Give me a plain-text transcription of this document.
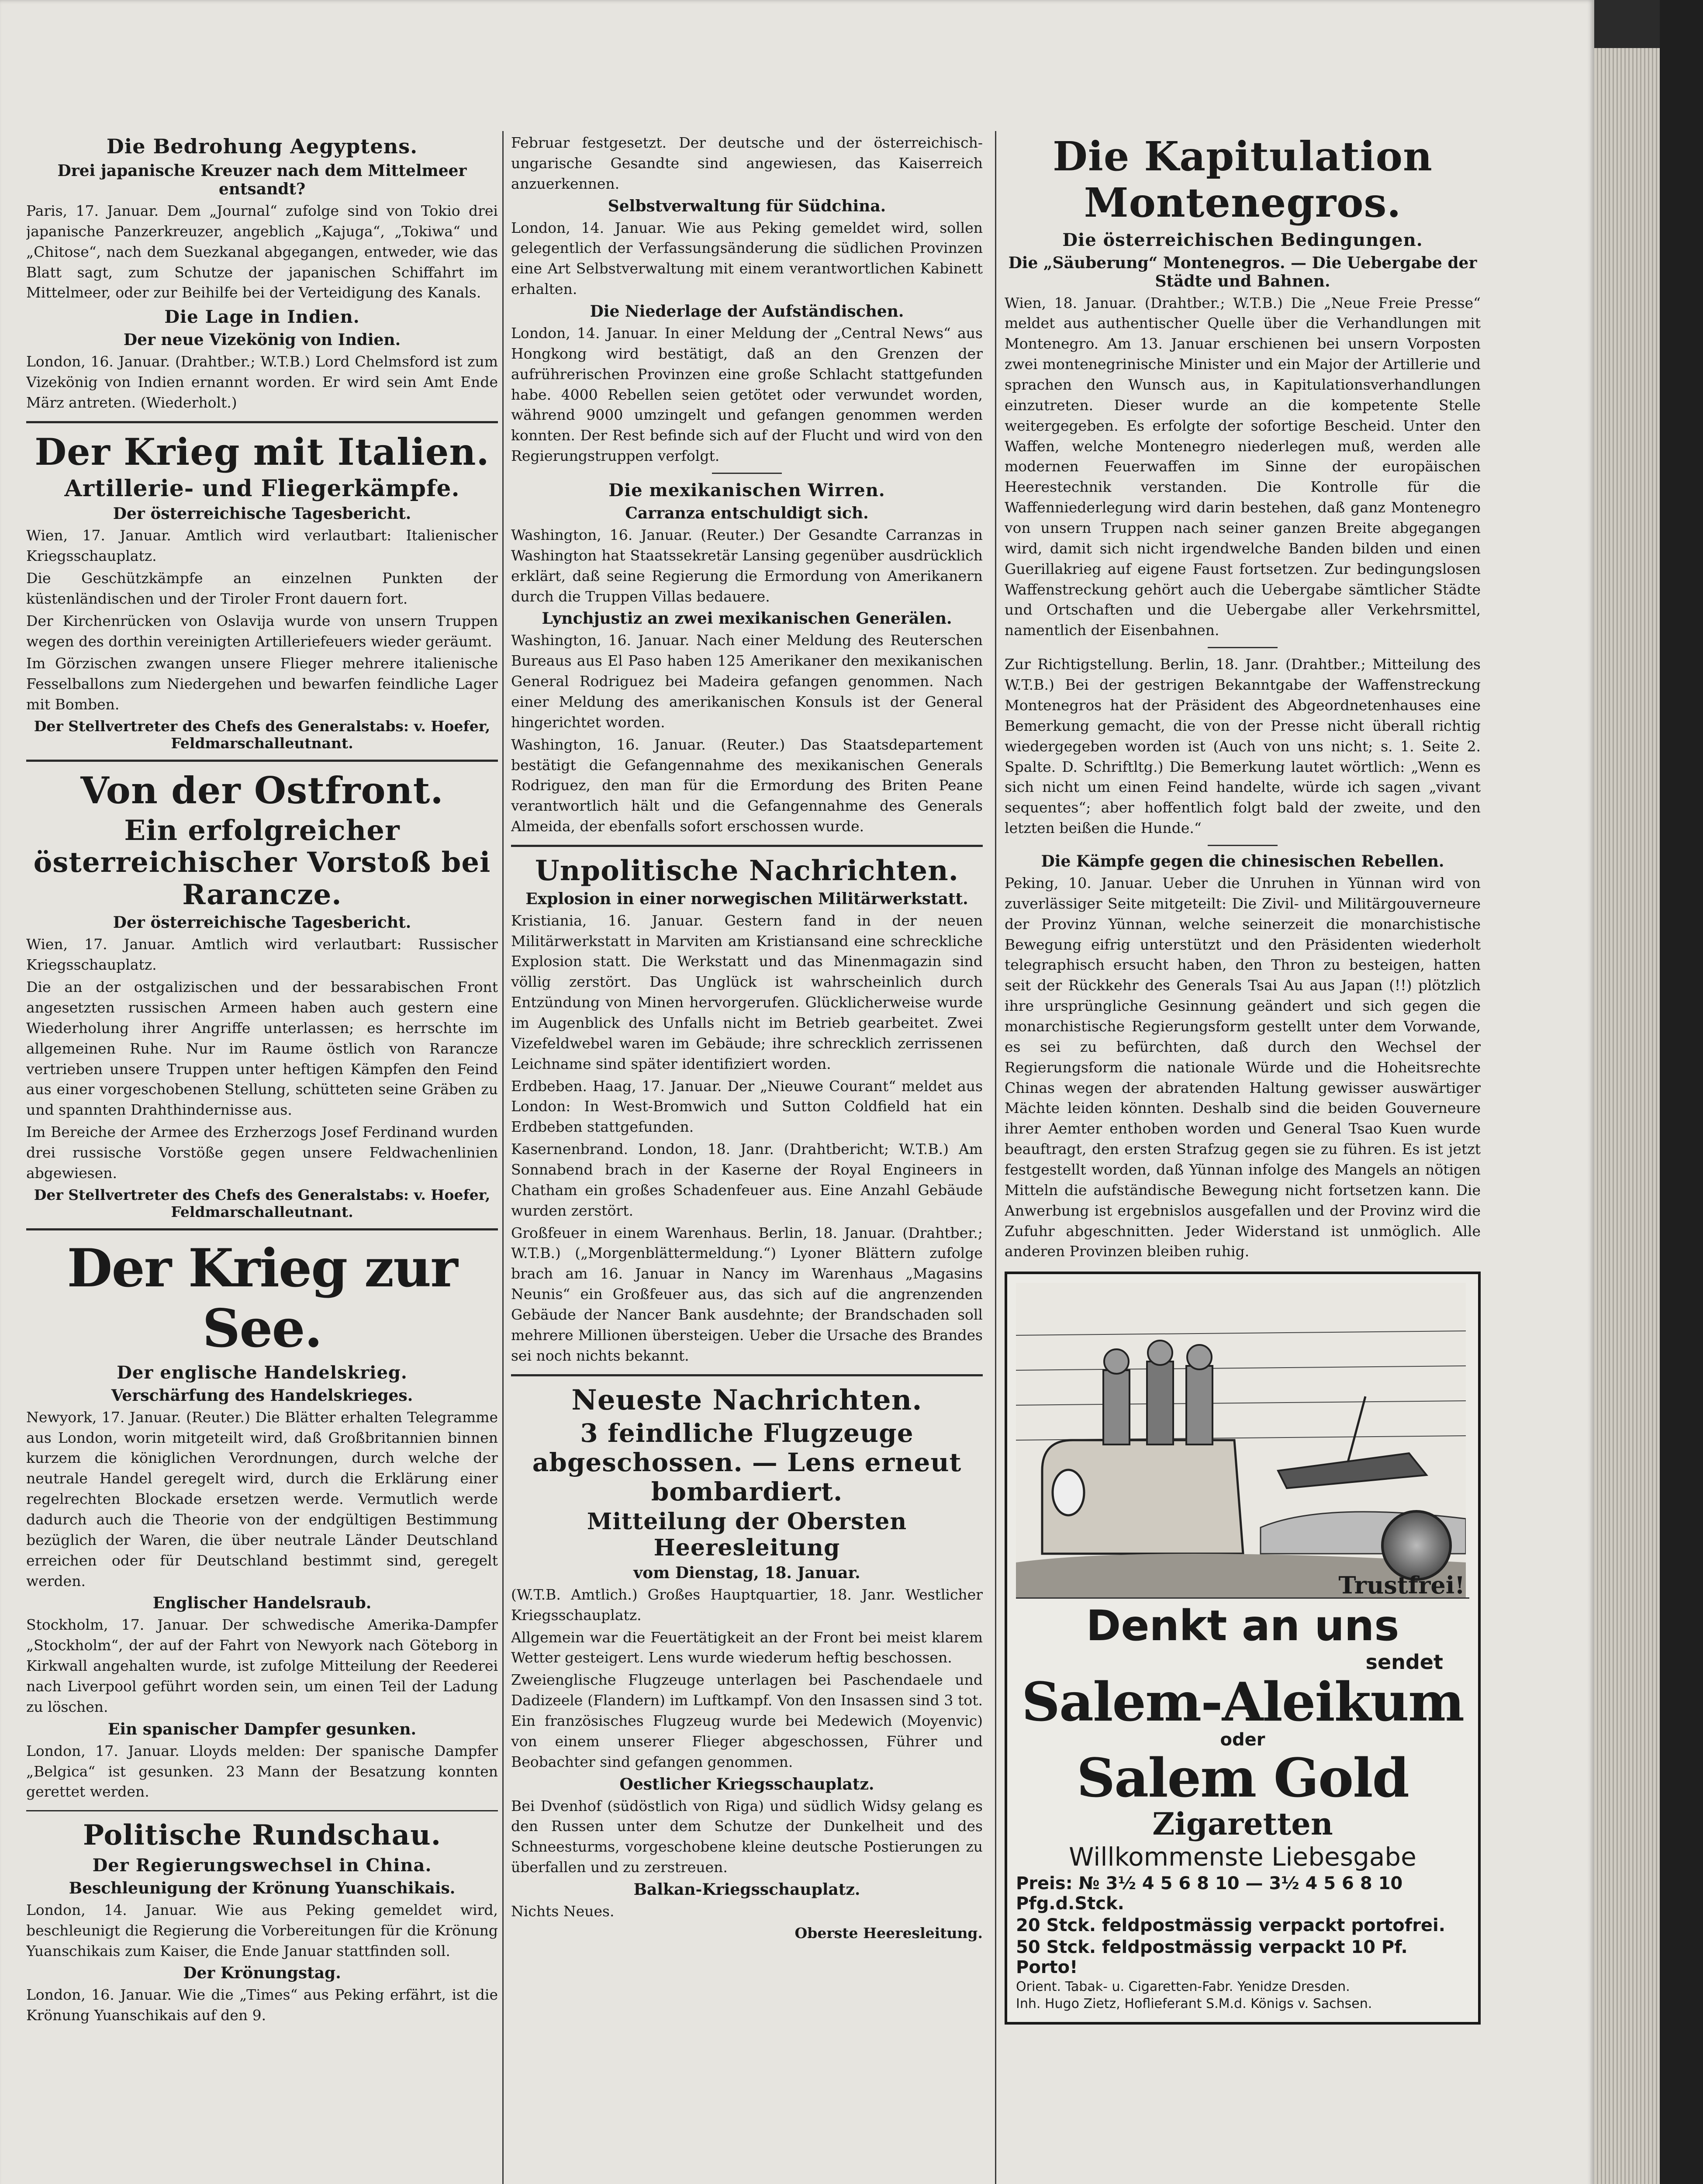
Die Bedrohung Aegyptens.
Drei japanische Kreuzer nach dem Mittelmeer entsandt?

Paris, 17. Januar. Dem „Journal“ zufolge sind von Tokio drei japanische Panzerkreuzer, angeblich „Kajuga“, „Tokiwa“ und „Chitose“, nach dem Suezkanal abgegangen, entweder, wie das Blatt sagt, zum Schutze der japanischen Schiffahrt im Mittelmeer, oder zur Beihilfe bei der Verteidigung des Kanals.

Die Lage in Indien.
Der neue Vizekönig von Indien.

London, 16. Januar. (Drahtber.; W.T.B.) Lord Chelmsford ist zum Vizekönig von Indien ernannt worden. Er wird sein Amt Ende März antreten. (Wiederholt.)

Der Krieg mit Italien.
Artillerie- und Fliegerkämpfe.
Der österreichische Tagesbericht.

Wien, 17. Januar. Amtlich wird verlautbart: Italienischer Kriegsschauplatz.

Die Geschützkämpfe an einzelnen Punkten der küstenländischen und der Tiroler Front dauern fort.

Der Kirchenrücken von Oslavija wurde von unsern Truppen wegen des dorthin vereinigten Artilleriefeuers wieder geräumt.

Im Görzischen zwangen unsere Flieger mehrere italienische Fesselballons zum Niedergehen und bewarfen feindliche Lager mit Bomben.

Der Stellvertreter des Chefs des Generalstabs: v. Hoefer, Feldmarschalleutnant.
Von der Ostfront.
Ein erfolgreicher österreichischer Vorstoß bei Rarancze.
Der österreichische Tagesbericht.

Wien, 17. Januar. Amtlich wird verlautbart: Russischer Kriegsschauplatz.

Die an der ostgalizischen und der bessarabischen Front angesetzten russischen Armeen haben auch gestern eine Wiederholung ihrer Angriffe unterlassen; es herrschte im allgemeinen Ruhe. Nur im Raume östlich von Rarancze vertrieben unsere Truppen unter heftigen Kämpfen den Feind aus einer vorgeschobenen Stellung, schütteten seine Gräben zu und spannten Drahthindernisse aus.

Im Bereiche der Armee des Erzherzogs Josef Ferdinand wurden drei russische Vorstöße gegen unsere Feldwachenlinien abgewiesen.

Der Stellvertreter des Chefs des Generalstabs: v. Hoefer, Feldmarschalleutnant.
Der Krieg zur See.
Der englische Handelskrieg.
Verschärfung des Handelskrieges.

Newyork, 17. Januar. (Reuter.) Die Blätter erhalten Telegramme aus London, worin mitgeteilt wird, daß Großbritannien binnen kurzem die königlichen Verordnungen, durch welche der neutrale Handel geregelt wird, durch die Erklärung einer regelrechten Blockade ersetzen werde. Vermutlich werde dadurch auch die Theorie von der endgültigen Bestimmung bezüglich der Waren, die über neutrale Länder Deutschland erreichen oder für Deutschland bestimmt sind, geregelt werden.

Englischer Handelsraub.

Stockholm, 17. Januar. Der schwedische Amerika-Dampfer „Stockholm“, der auf der Fahrt von Newyork nach Göteborg in Kirkwall angehalten wurde, ist zufolge Mitteilung der Reederei nach Liverpool geführt worden sein, um einen Teil der Ladung zu löschen.

Ein spanischer Dampfer gesunken.

London, 17. Januar. Lloyds melden: Der spanische Dampfer „Belgica“ ist gesunken. 23 Mann der Besatzung konnten gerettet werden.

Politische Rundschau.
Der Regierungswechsel in China.
Beschleunigung der Krönung Yuanschikais.

London, 14. Januar. Wie aus Peking gemeldet wird, beschleunigt die Regierung die Vorbereitungen für die Krönung Yuanschikais zum Kaiser, die Ende Januar stattfinden soll.

Der Krönungstag.

London, 16. Januar. Wie die „Times“ aus Peking erfährt, ist die Krönung Yuanschikais auf den 9.

Februar festgesetzt. Der deutsche und der österreichisch-ungarische Gesandte sind angewiesen, das Kaiserreich anzuerkennen.

Selbstverwaltung für Südchina.

London, 14. Januar. Wie aus Peking gemeldet wird, sollen gelegentlich der Verfassungsänderung die südlichen Provinzen eine Art Selbstverwaltung mit einem verantwortlichen Kabinett erhalten.

Die Niederlage der Aufständischen.

London, 14. Januar. In einer Meldung der „Central News“ aus Hongkong wird bestätigt, daß an den Grenzen der aufrührerischen Provinzen eine große Schlacht stattgefunden habe. 4000 Rebellen seien getötet oder verwundet worden, während 9000 umzingelt und gefangen genommen werden konnten. Der Rest befinde sich auf der Flucht und wird von den Regierungstruppen verfolgt.

Die mexikanischen Wirren.
Carranza entschuldigt sich.

Washington, 16. Januar. (Reuter.) Der Gesandte Carranzas in Washington hat Staatssekretär Lansing gegenüber ausdrücklich erklärt, daß seine Regierung die Ermordung von Amerikanern durch die Truppen Villas bedauere.

Lynchjustiz an zwei mexikanischen Generälen.

Washington, 16. Januar. Nach einer Meldung des Reuterschen Bureaus aus El Paso haben 125 Amerikaner den mexikanischen General Rodriguez bei Madeira gefangen genommen. Nach einer Meldung des amerikanischen Konsuls ist der General hingerichtet worden.

Washington, 16. Januar. (Reuter.) Das Staatsdepartement bestätigt die Gefangennahme des mexikanischen Generals Rodriguez, den man für die Ermordung des Briten Peane verantwortlich hält und die Gefangennahme des Generals Almeida, der ebenfalls sofort erschossen wurde.

Unpolitische Nachrichten.
Explosion in einer norwegischen Militärwerkstatt.

Kristiania, 16. Januar. Gestern fand in der neuen Militärwerkstatt in Marviten am Kristiansand eine schreckliche Explosion statt. Die Werkstatt und das Minenmagazin sind völlig zerstört. Das Unglück ist wahrscheinlich durch Entzündung von Minen hervorgerufen. Glücklicherweise wurde im Augenblick des Unfalls nicht im Betrieb gearbeitet. Zwei Vizefeldwebel waren im Gebäude; ihre schrecklich zerrissenen Leichname sind später identifiziert worden.

Erdbeben. Haag, 17. Januar. Der „Nieuwe Courant“ meldet aus London: In West-Bromwich und Sutton Coldfield hat ein Erdbeben stattgefunden.

Kasernenbrand. London, 18. Janr. (Drahtbericht; W.T.B.) Am Sonnabend brach in der Kaserne der Royal Engineers in Chatham ein großes Schadenfeuer aus. Eine Anzahl Gebäude wurden zerstört.

Großfeuer in einem Warenhaus. Berlin, 18. Januar. (Drahtber.; W.T.B.) („Morgenblättermeldung.“) Lyoner Blättern zufolge brach am 16. Januar in Nancy im Warenhaus „Magasins Neunis“ ein Großfeuer aus, das sich auf die angrenzenden Gebäude der Nancer Bank ausdehnte; der Brandschaden soll mehrere Millionen übersteigen. Ueber die Ursache des Brandes sei noch nichts bekannt.

Neueste Nachrichten.
3 feindliche Flugzeuge abgeschossen. — Lens erneut bombardiert.
Mitteilung der Obersten Heeresleitung
vom Dienstag, 18. Januar.

(W.T.B. Amtlich.) Großes Hauptquartier, 18. Janr. Westlicher Kriegsschauplatz.

Allgemein war die Feuertätigkeit an der Front bei meist klarem Wetter gesteigert. Lens wurde wiederum heftig beschossen.

Zweienglische Flugzeuge unterlagen bei Paschendaele und Dadizeele (Flandern) im Luftkampf. Von den Insassen sind 3 tot. Ein französisches Flugzeug wurde bei Medewich (Moyenvic) von einem unserer Flieger abgeschossen, Führer und Beobachter sind gefangen genommen.

Oestlicher Kriegsschauplatz.

Bei Dvenhof (südöstlich von Riga) und südlich Widsy gelang es den Russen unter dem Schutze der Dunkelheit und des Schneesturms, vorgeschobene kleine deutsche Postierungen zu überfallen und zu zerstreuen.

Balkan-Kriegsschauplatz.

Nichts Neues.

Oberste Heeresleitung.
Die Kapitulation Montenegros.
Die österreichischen Bedingungen.
Die „Säuberung“ Montenegros. — Die Uebergabe der Städte und Bahnen.

Wien, 18. Januar. (Drahtber.; W.T.B.) Die „Neue Freie Presse“ meldet aus authentischer Quelle über die Verhandlungen mit Montenegro. Am 13. Januar erschienen bei unsern Vorposten zwei montenegrinische Minister und ein Major der Artillerie und sprachen den Wunsch aus, in Kapitulationsverhandlungen einzutreten. Dieser wurde an die kompetente Stelle weitergegeben. Es erfolgte der sofortige Bescheid. Unter den Waffen, welche Montenegro niederlegen muß, werden alle modernen Feuerwaffen im Sinne der europäischen Heerestechnik verstanden. Die Kontrolle für die Waffenniederlegung wird darin bestehen, daß ganz Montenegro von unsern Truppen nach seiner ganzen Breite abgegangen wird, damit sich nicht irgendwelche Banden bilden und einen Guerillakrieg auf eigene Faust fortsetzen. Zur bedingungslosen Waffenstreckung gehört auch die Uebergabe sämtlicher Städte und Ortschaften und die Uebergabe aller Verkehrsmittel, namentlich der Eisenbahnen.

Zur Richtigstellung. Berlin, 18. Janr. (Drahtber.; Mitteilung des W.T.B.) Bei der gestrigen Bekanntgabe der Waffenstreckung Montenegros hat der Präsident des Abgeordnetenhauses eine Bemerkung gemacht, die von der Presse nicht überall richtig wiedergegeben worden ist (Auch von uns nicht; s. 1. Seite 2. Spalte. D. Schriftltg.) Die Bemerkung lautet wörtlich: „Wenn es sich nicht um einen Feind handelte, würde ich sagen „vivant sequentes“; aber hoffentlich folgt bald der zweite, und den letzten beißen die Hunde.“

Die Kämpfe gegen die chinesischen Rebellen.

Peking, 10. Januar. Ueber die Unruhen in Yünnan wird von zuverlässiger Seite mitgeteilt: Die Zivil- und Militärgouverneure der Provinz Yünnan, welche seinerzeit die monarchistische Bewegung eifrig unterstützt und den Präsidenten wiederholt telegraphisch ersucht haben, den Thron zu besteigen, hatten seit der Rückkehr des Generals Tsai Au aus Japan (!!) plötzlich ihre ursprüngliche Gesinnung geändert und sich gegen die monarchistische Regierungsform gestellt unter dem Vorwande, es sei zu befürchten, daß durch den Wechsel der Regierungsform die nationale Würde und die Hoheitsrechte Chinas wegen der abratenden Haltung gewisser auswärtiger Mächte leiden könnten. Deshalb sind die beiden Gouverneure ihrer Aemter enthoben worden und General Tsao Kuen wurde beauftragt, den ersten Strafzug gegen sie zu führen. Es ist jetzt festgestellt worden, daß Yünnan infolge des Mangels an nötigen Mitteln die aufständische Bewegung nicht fortsetzen kann. Die Anwerbung ist ergebnislos ausgefallen und der Provinz wird die Zufuhr abgeschnitten. Jeder Widerstand ist unmöglich. Alle anderen Provinzen bleiben ruhig.

Trustfrei!
Denkt an uns
sendet
Salem-Aleikum
oder
Salem Gold
Zigaretten
Willkommenste Liebesgabe
Preis: № 3½ 4 5 6 8 10 — 3½ 4 5 6 8 10 Pfg.d.Stck.
20 Stck. feldpostmässig verpackt portofrei.
50 Stck. feldpostmässig verpackt 10 Pf. Porto!
Orient. Tabak- u. Cigaretten-Fabr. Yenidze Dresden.
Inh. Hugo Zietz, Hoflieferant S.M.d. Königs v. Sachsen.
